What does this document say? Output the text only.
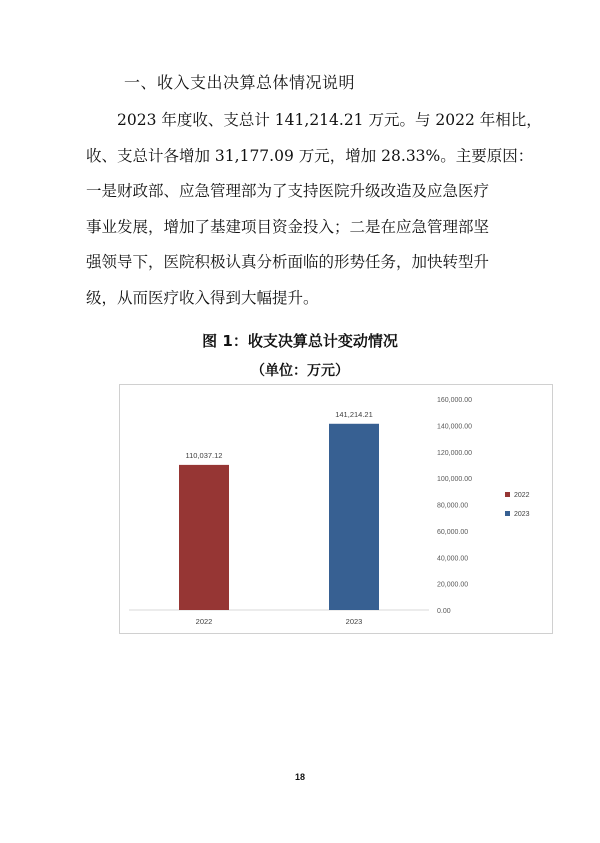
一、收入支出决算总体情况说明

2023 年度收、支总计 141,214.21 万元。与 2022 年相比，
收、支总计各增加 31,177.09 万元，增加 28.33%。主要原因：
一是财政部、应急管理部为了支持医院升级改造及应急医疗
事业发展，增加了基建项目资金投入；二是在应急管理部坚
强领导下，医院积极认真分析面临的形势任务，加快转型升
级，从而医疗收入得到大幅提升。

图 1：收支决算总计变动情况
（单位：万元）
0.00
20,000.00
40,000.00
60,000.00
80,000.00
100,000.00
120,000.00
140,000.00
160,000.00
110,037.12
2022
141,214.21
2023
2022
2023
18
